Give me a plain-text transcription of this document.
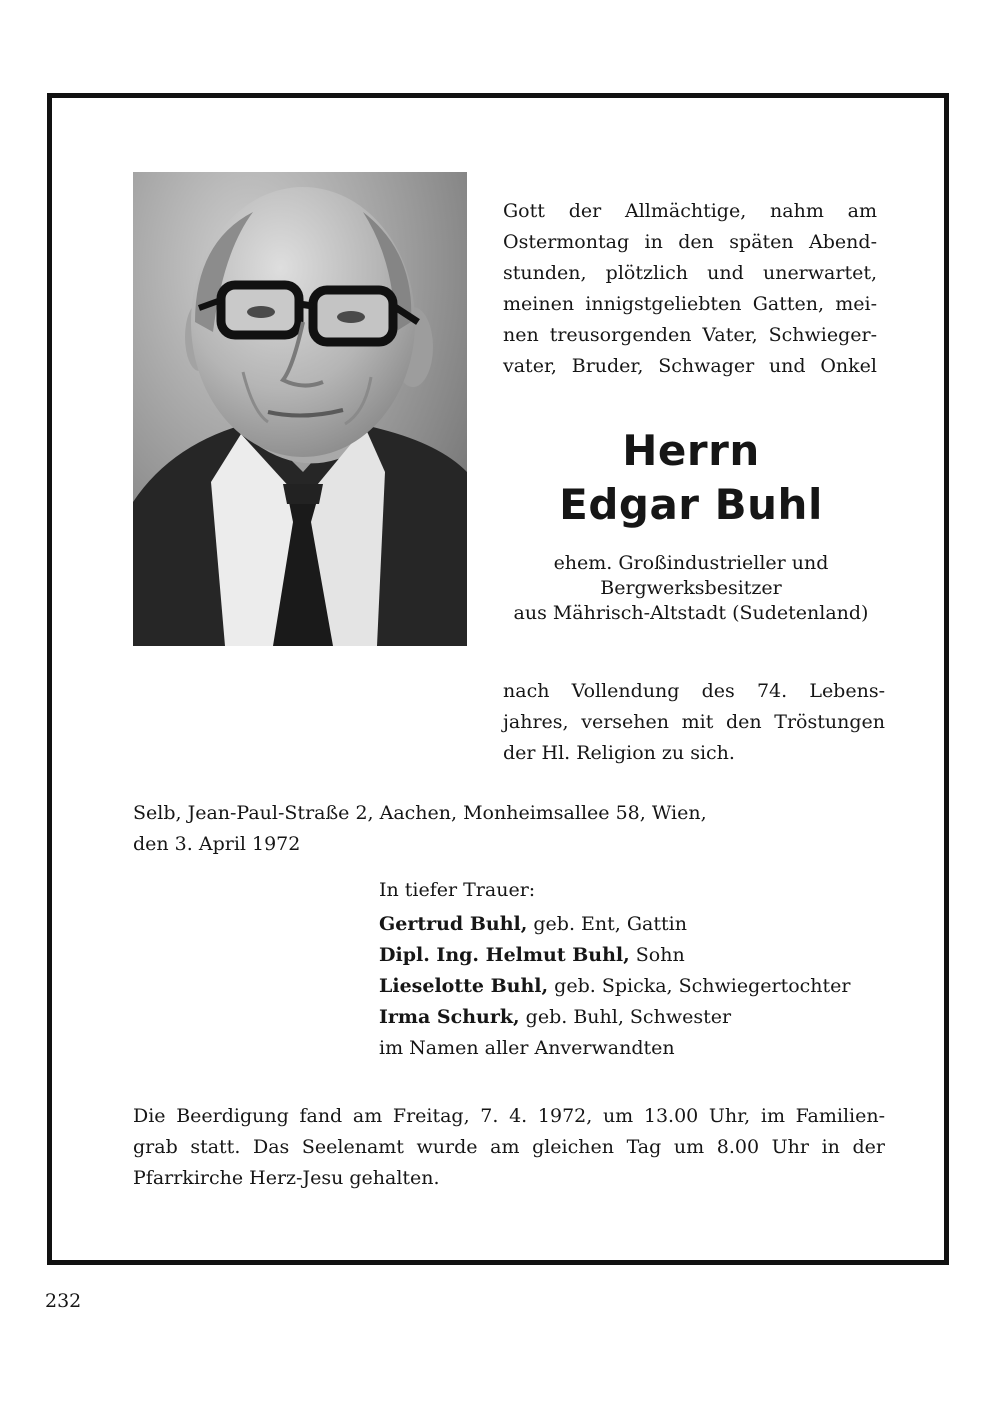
Gott der Allmächtige, nahm am
Ostermontag in den späten Abend-
stunden, plötzlich und unerwartet,
meinen innigstgeliebten Gatten, mei-
nen treusorgenden Vater, Schwieger-
vater, Bruder, Schwager und Onkel
Herrn
Edgar Buhl
ehem. Großindustrieller und
Bergwerksbesitzer
aus Mährisch-Altstadt (Sudetenland)
nach Vollendung des 74. Lebens-
jahres, versehen mit den Tröstungen
der Hl. Religion zu sich.
Selb, Jean-Paul-Straße 2, Aachen, Monheimsallee 58, Wien,
den 3. April 1972
In tiefer Trauer:
Gertrud Buhl, geb. Ent, Gattin
Dipl. Ing. Helmut Buhl, Sohn
Lieselotte Buhl, geb. Spicka, Schwiegertochter
Irma Schurk, geb. Buhl, Schwester
im Namen aller Anverwandten
Die Beerdigung fand am Freitag, 7. 4. 1972, um 13.00 Uhr, im Familien-
grab statt. Das Seelenamt wurde am gleichen Tag um 8.00 Uhr in der
Pfarrkirche Herz-Jesu gehalten.
232
